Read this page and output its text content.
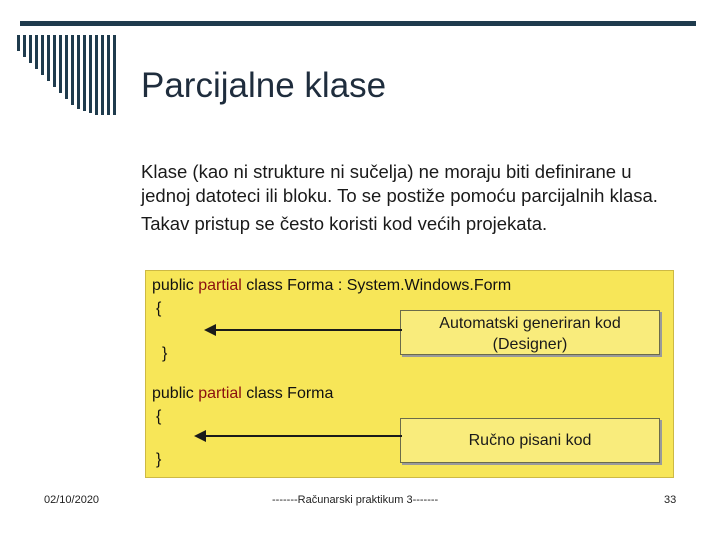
Parcijalne klase

Klase (kao ni strukture ni sučelja) ne moraju biti definirane u jednoj datoteci ili bloku. To se postiže pomoću parcijalnih klasa.

Takav pristup se često koristi kod većih projekata.

public partial class Forma : System.Windows.Form
{
}
public partial class Forma
{
}
Automatski generiran kod
(Designer)
Ručno pisani kod
02/10/2020	-------Računarski praktikum 3-------	33
